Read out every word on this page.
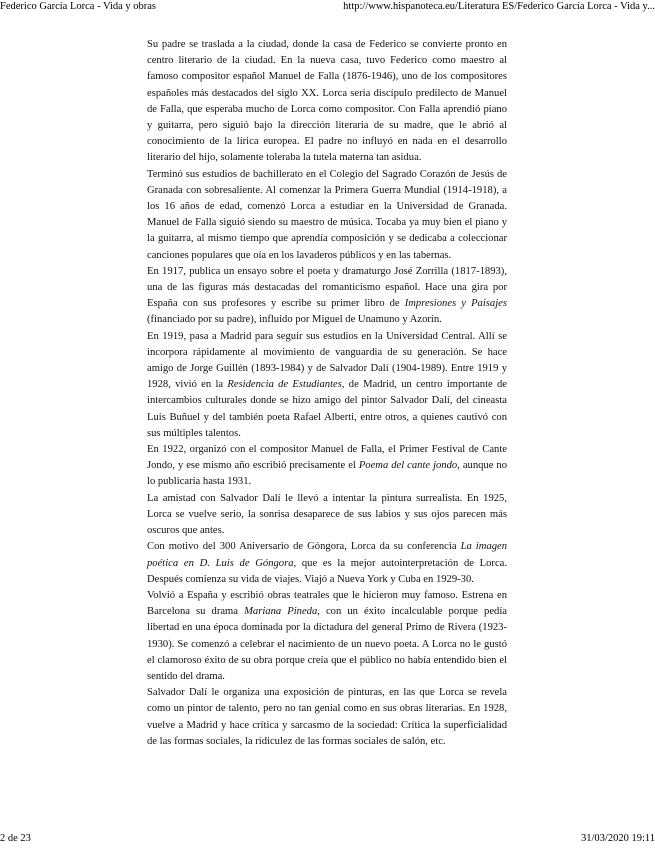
Federico García Lorca - Vida y obras	http://www.hispanoteca.eu/Literatura ES/Federico García Lorca - Vida y...

Su padre se traslada a la ciudad, donde la casa de Federico se convierte pronto en centro literario de la ciudad. En la nueva casa, tuvo Federico como maestro al famoso compositor español Manuel de Falla (1876-1946), uno de los compositores españoles más destacados del siglo XX. Lorca sería discípulo predilecto de Manuel de Falla, que esperaba mucho de Lorca como compositor. Con Falla aprendió piano y guitarra, pero siguió bajo la dirección literaria de su madre, que le abrió al conocimiento de la lírica europea. El padre no influyó en nada en el desarrollo literario del hijo, solamente toleraba la tutela materna tan asidua.

Terminó sus estudios de bachillerato en el Colegio del Sagrado Corazón de Jesús de Granada con sobresaliente. Al comenzar la Primera Guerra Mundial (1914-1918), a los 16 años de edad, comenzó Lorca a estudiar en la Universidad de Granada. Manuel de Falla siguió siendo su maestro de música. Tocaba ya muy bien el piano y la guitarra, al mismo tiempo que aprendía composición y se dedicaba a coleccionar canciones populares que oía en los lavaderos públicos y en las tabernas.

En 1917, publica un ensayo sobre el poeta y dramaturgo José Zorrilla (1817-1893), una de las figuras más destacadas del romanticismo español. Hace una gira por España con sus profesores y escribe su primer libro de Impresiones y Paisajes (financiado por su padre), influido por Miguel de Unamuno y Azorín.

En 1919, pasa a Madrid para seguir sus estudios en la Universidad Central. Allí se incorpora rápidamente al movimiento de vanguardia de su generación. Se hace amigo de Jorge Guillén (1893-1984) y de Salvador Dalí (1904-1989). Entre 1919 y 1928, vivió en la Residencia de Estudiantes, de Madrid, un centro importante de intercambios culturales donde se hizo amigo del pintor Salvador Dalí, del cineasta Luis Buñuel y del también poeta Rafael Alberti, entre otros, a quienes cautivó con sus múltiples talentos.

En 1922, organizó con el compositor Manuel de Falla, el Primer Festival de Cante Jondo, y ese mismo año escribió precisamente el Poema del cante jondo, aunque no lo publicaría hasta 1931.

La amistad con Salvador Dalí le llevó a intentar la pintura surrealista. En 1925, Lorca se vuelve serio, la sonrisa desaparece de sus labios y sus ojos parecen más oscuros que antes.

Con motivo del 300 Aniversario de Góngora, Lorca da su conferencia La imagen poética en D. Luis de Góngora, que es la mejor autointerpretación de Lorca. Después comienza su vida de viajes. Viajó a Nueva York y Cuba en 1929-30.

Volvió a España y escribió obras teatrales que le hicieron muy famoso. Estrena en Barcelona su drama Mariana Pineda, con un éxito incalculable porque pedía libertad en una época dominada por la dictadura del general Primo de Rivera (1923-1930). Se comenzó a celebrar el nacimiento de un nuevo poeta. A Lorca no le gustó el clamoroso éxito de su obra porque creía que el público no había entendido bien el sentido del drama.

Salvador Dalí le organiza una exposición de pinturas, en las que Lorca se revela como un pintor de talento, pero no tan genial como en sus obras literarias. En 1928, vuelve a Madrid y hace crítica y sarcasmo de la sociedad: Crítica la superficialidad de las formas sociales, la ridiculez de las formas sociales de salón, etc.

2 de 23	31/03/2020 19:11
